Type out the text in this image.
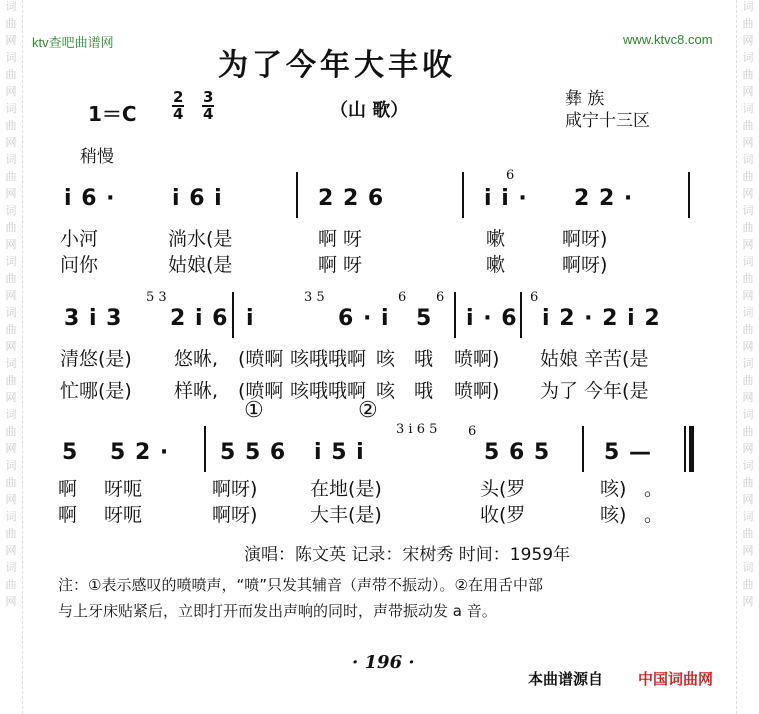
词
曲
网
词
曲
网
词
曲
网
词
曲
网
词
曲
网
词
曲
网
词
曲
网
词
曲
网
词
曲
网
词
曲
网
词
曲
网
词
曲
网
词
曲
网
词
曲
网
词
曲
网
词
曲
网
词
曲
网
词
曲
网
词
曲
网
词
曲
网
词
曲
网
词
曲
网
词
曲
网
词
曲
网
ktv查吧曲谱网	www.ktvc8.com
为了今年大丰收
$1=C \frac{2}{4} \frac{3}{4}$	（山 歌）
彝 族
咸宁十三区
稍慢
i 6 ·	i 6 i	2 2 6
6
i i · 2 2 ·
小河	淌水(是	啊 呀	嗽	啊呀)
问你	姑娘(是	啊 呀	嗽	啊呀)
3 i 3
5 3
2 i 6 i
3 5
6 · i
6
5
6
i · 6
6
i 2 · 2 i 2
清悠(是) 悠咻, (喷啊 咳哦哦啊 咳 哦 喷啊) 姑娘 辛苦(是
忙哪(是) 样咻, (喷啊 咳哦哦啊 咳 哦 喷啊) 为了 今年(是
①	②
5 5 2 · 5 5 6 i 5 i
3 i 6 5 6
5 6 5 5 —
啊 呀呃	啊呀)	在地(是)	头(罗	咳) 。
啊 呀呃	啊呀)	大丰(是)	收(罗	咳) 。
演唱：陈文英 记录：宋树秀 时间：1959年
注：①表示感叹的喷喷声，“喷”只发其辅音（声带不振动）。②在用舌中部
与上牙床贴紧后，立即打开而发出声响的同时，声带振动发 a 音。
· 196 ·
本曲谱源自 中国词曲网
